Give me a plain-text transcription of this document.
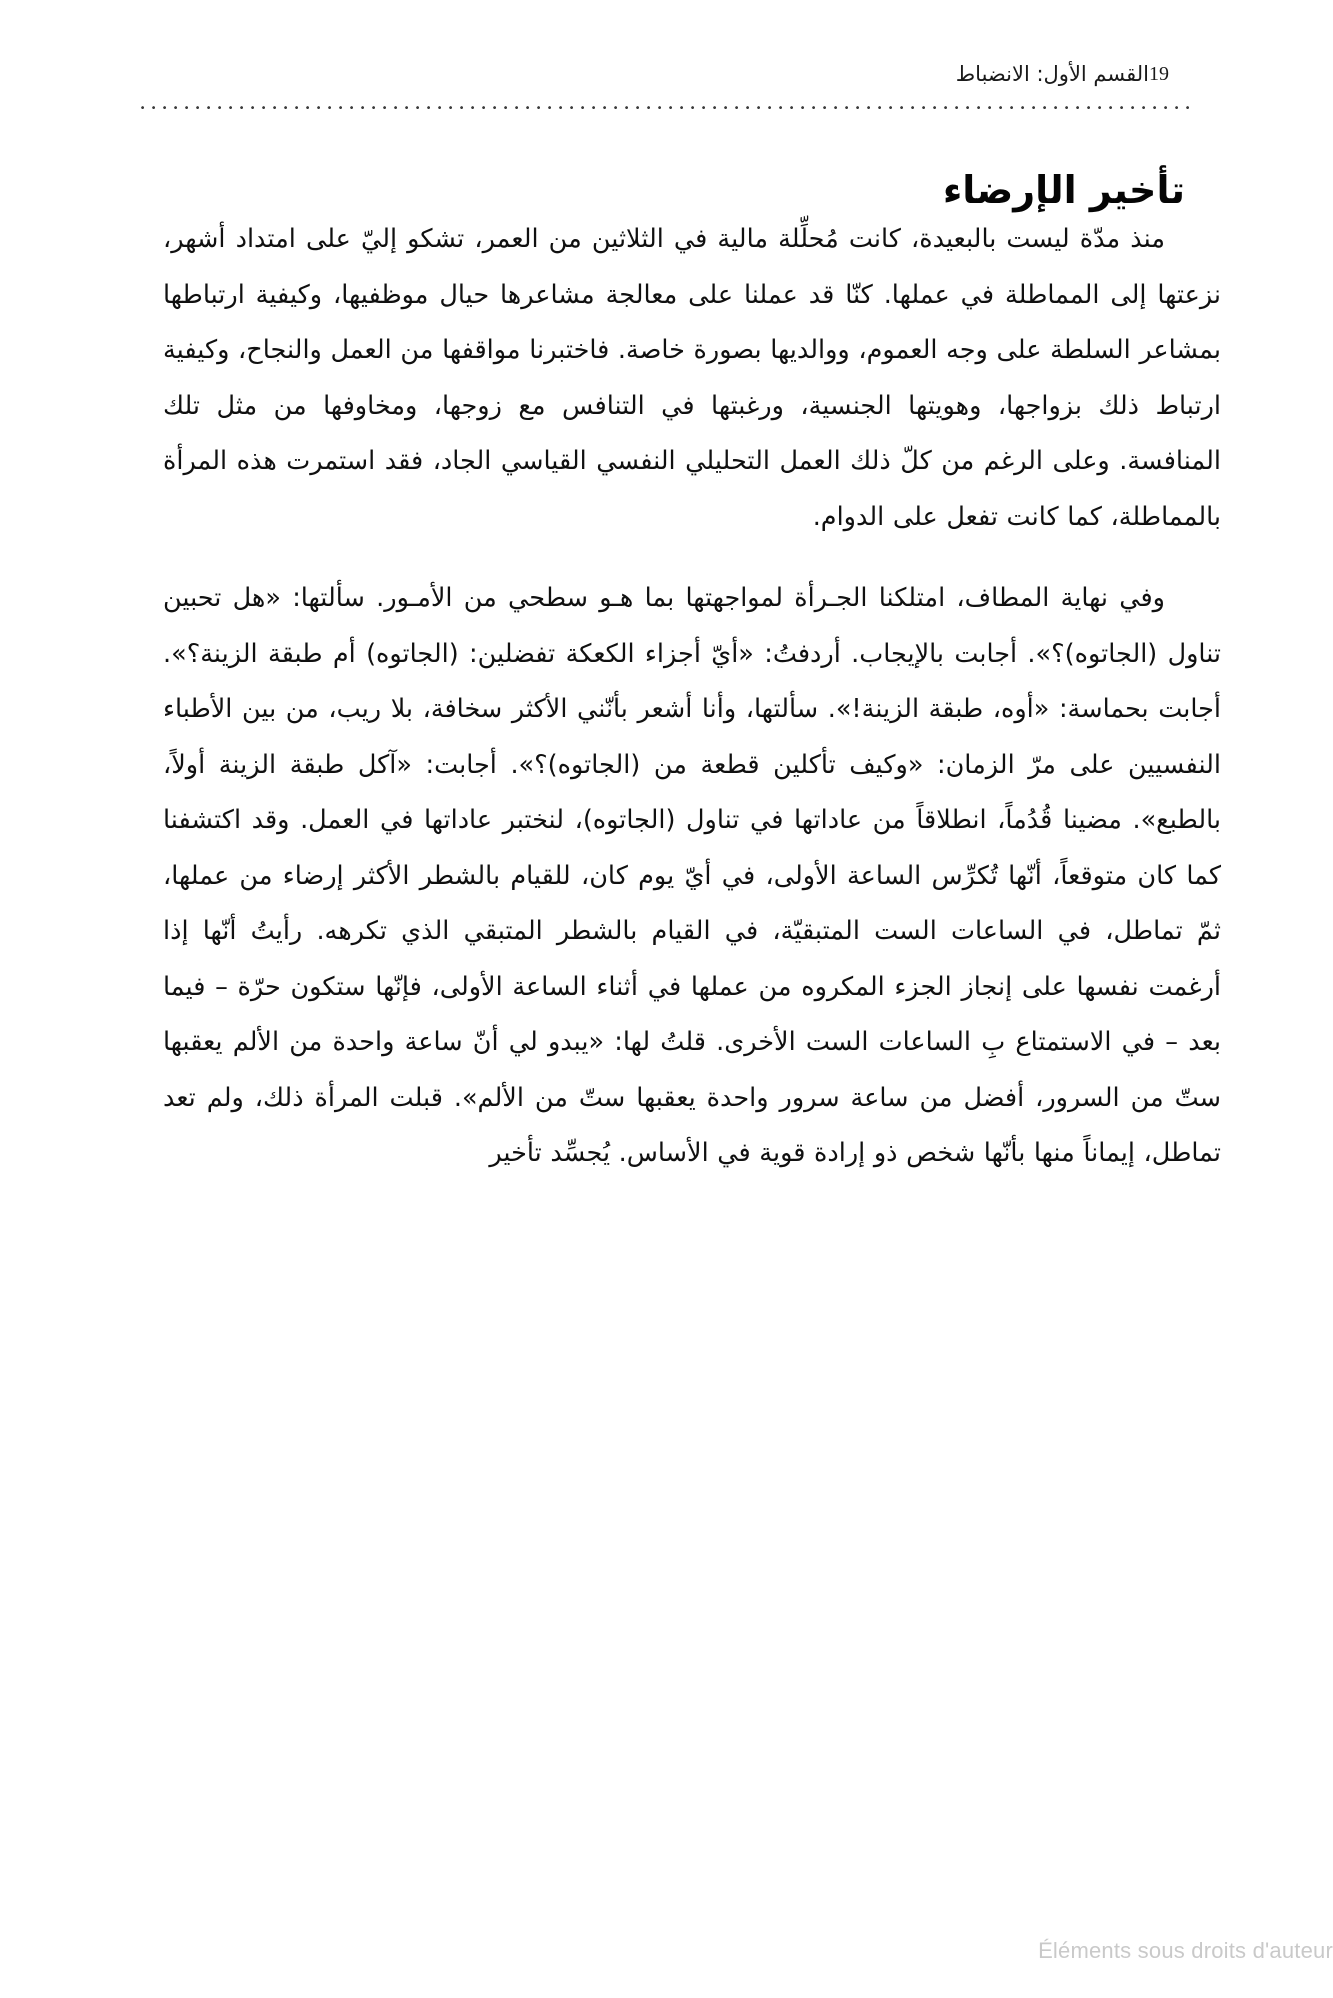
19القسم الأول: الانضباط
تأخير الإرضاء

منذ مدّة ليست بالبعيدة، كانت مُحلِّلة مالية في الثلاثين من العمر، تشكو إليّ على امتداد أشهر، نزعتها إلى المماطلة في عملها. كنّا قد عملنا على معالجة مشاعرها حيال موظفيها، وكيفية ارتباطها بمشاعر السلطة على وجه العموم، ووالديها بصورة خاصة. فاختبرنا مواقفها من العمل والنجاح، وكيفية ارتباط ذلك بزواجها، وهويتها الجنسية، ورغبتها في التنافس مع زوجها، ومخاوفها من مثل تلك المنافسة. وعلى الرغم من كلّ ذلك العمل التحليلي النفسي القياسي الجاد، فقد استمرت هذه المرأة بالمماطلة، كما كانت تفعل على الدوام.

وفي نهاية المطاف، امتلكنا الجـرأة لمواجهتها بما هـو سطحي من الأمـور. سألتها: «هل تحبين تناول (الجاتوه)؟». أجابت بالإيجاب. أردفتُ: «أيّ أجزاء الكعكة تفضلين: (الجاتوه) أم طبقة الزينة؟». أجابت بحماسة: «أوه، طبقة الزينة!». سألتها، وأنا أشعر بأنّني الأكثر سخافة، بلا ريب، من بين الأطباء النفسيين على مرّ الزمان: «وكيف تأكلين قطعة من (الجاتوه)؟». أجابت: «آكل طبقة الزينة أولاً، بالطبع». مضينا قُدُماً، انطلاقاً من عاداتها في تناول (الجاتوه)، لنختبر عاداتها في العمل. وقد اكتشفنا كما كان متوقعاً، أنّها تُكرِّس الساعة الأولى، في أيّ يوم كان، للقيام بالشطر الأكثر إرضاء من عملها، ثمّ تماطل، في الساعات الست المتبقيّة، في القيام بالشطر المتبقي الذي تكرهه. رأيتُ أنّها إذا أرغمت نفسها على إنجاز الجزء المكروه من عملها في أثناء الساعة الأولى، فإنّها ستكون حرّة – فيما بعد – في الاستمتاع بِ الساعات الست الأخرى. قلتُ لها: «يبدو لي أنّ ساعة واحدة من الألم يعقبها ستّ من السرور، أفضل من ساعة سرور واحدة يعقبها ستّ من الألم». قبلت المرأة ذلك، ولم تعد تماطل، إيماناً منها بأنّها شخص ذو إرادة قوية في الأساس. يُجسِّد تأخير

Éléments sous droits d'auteur
